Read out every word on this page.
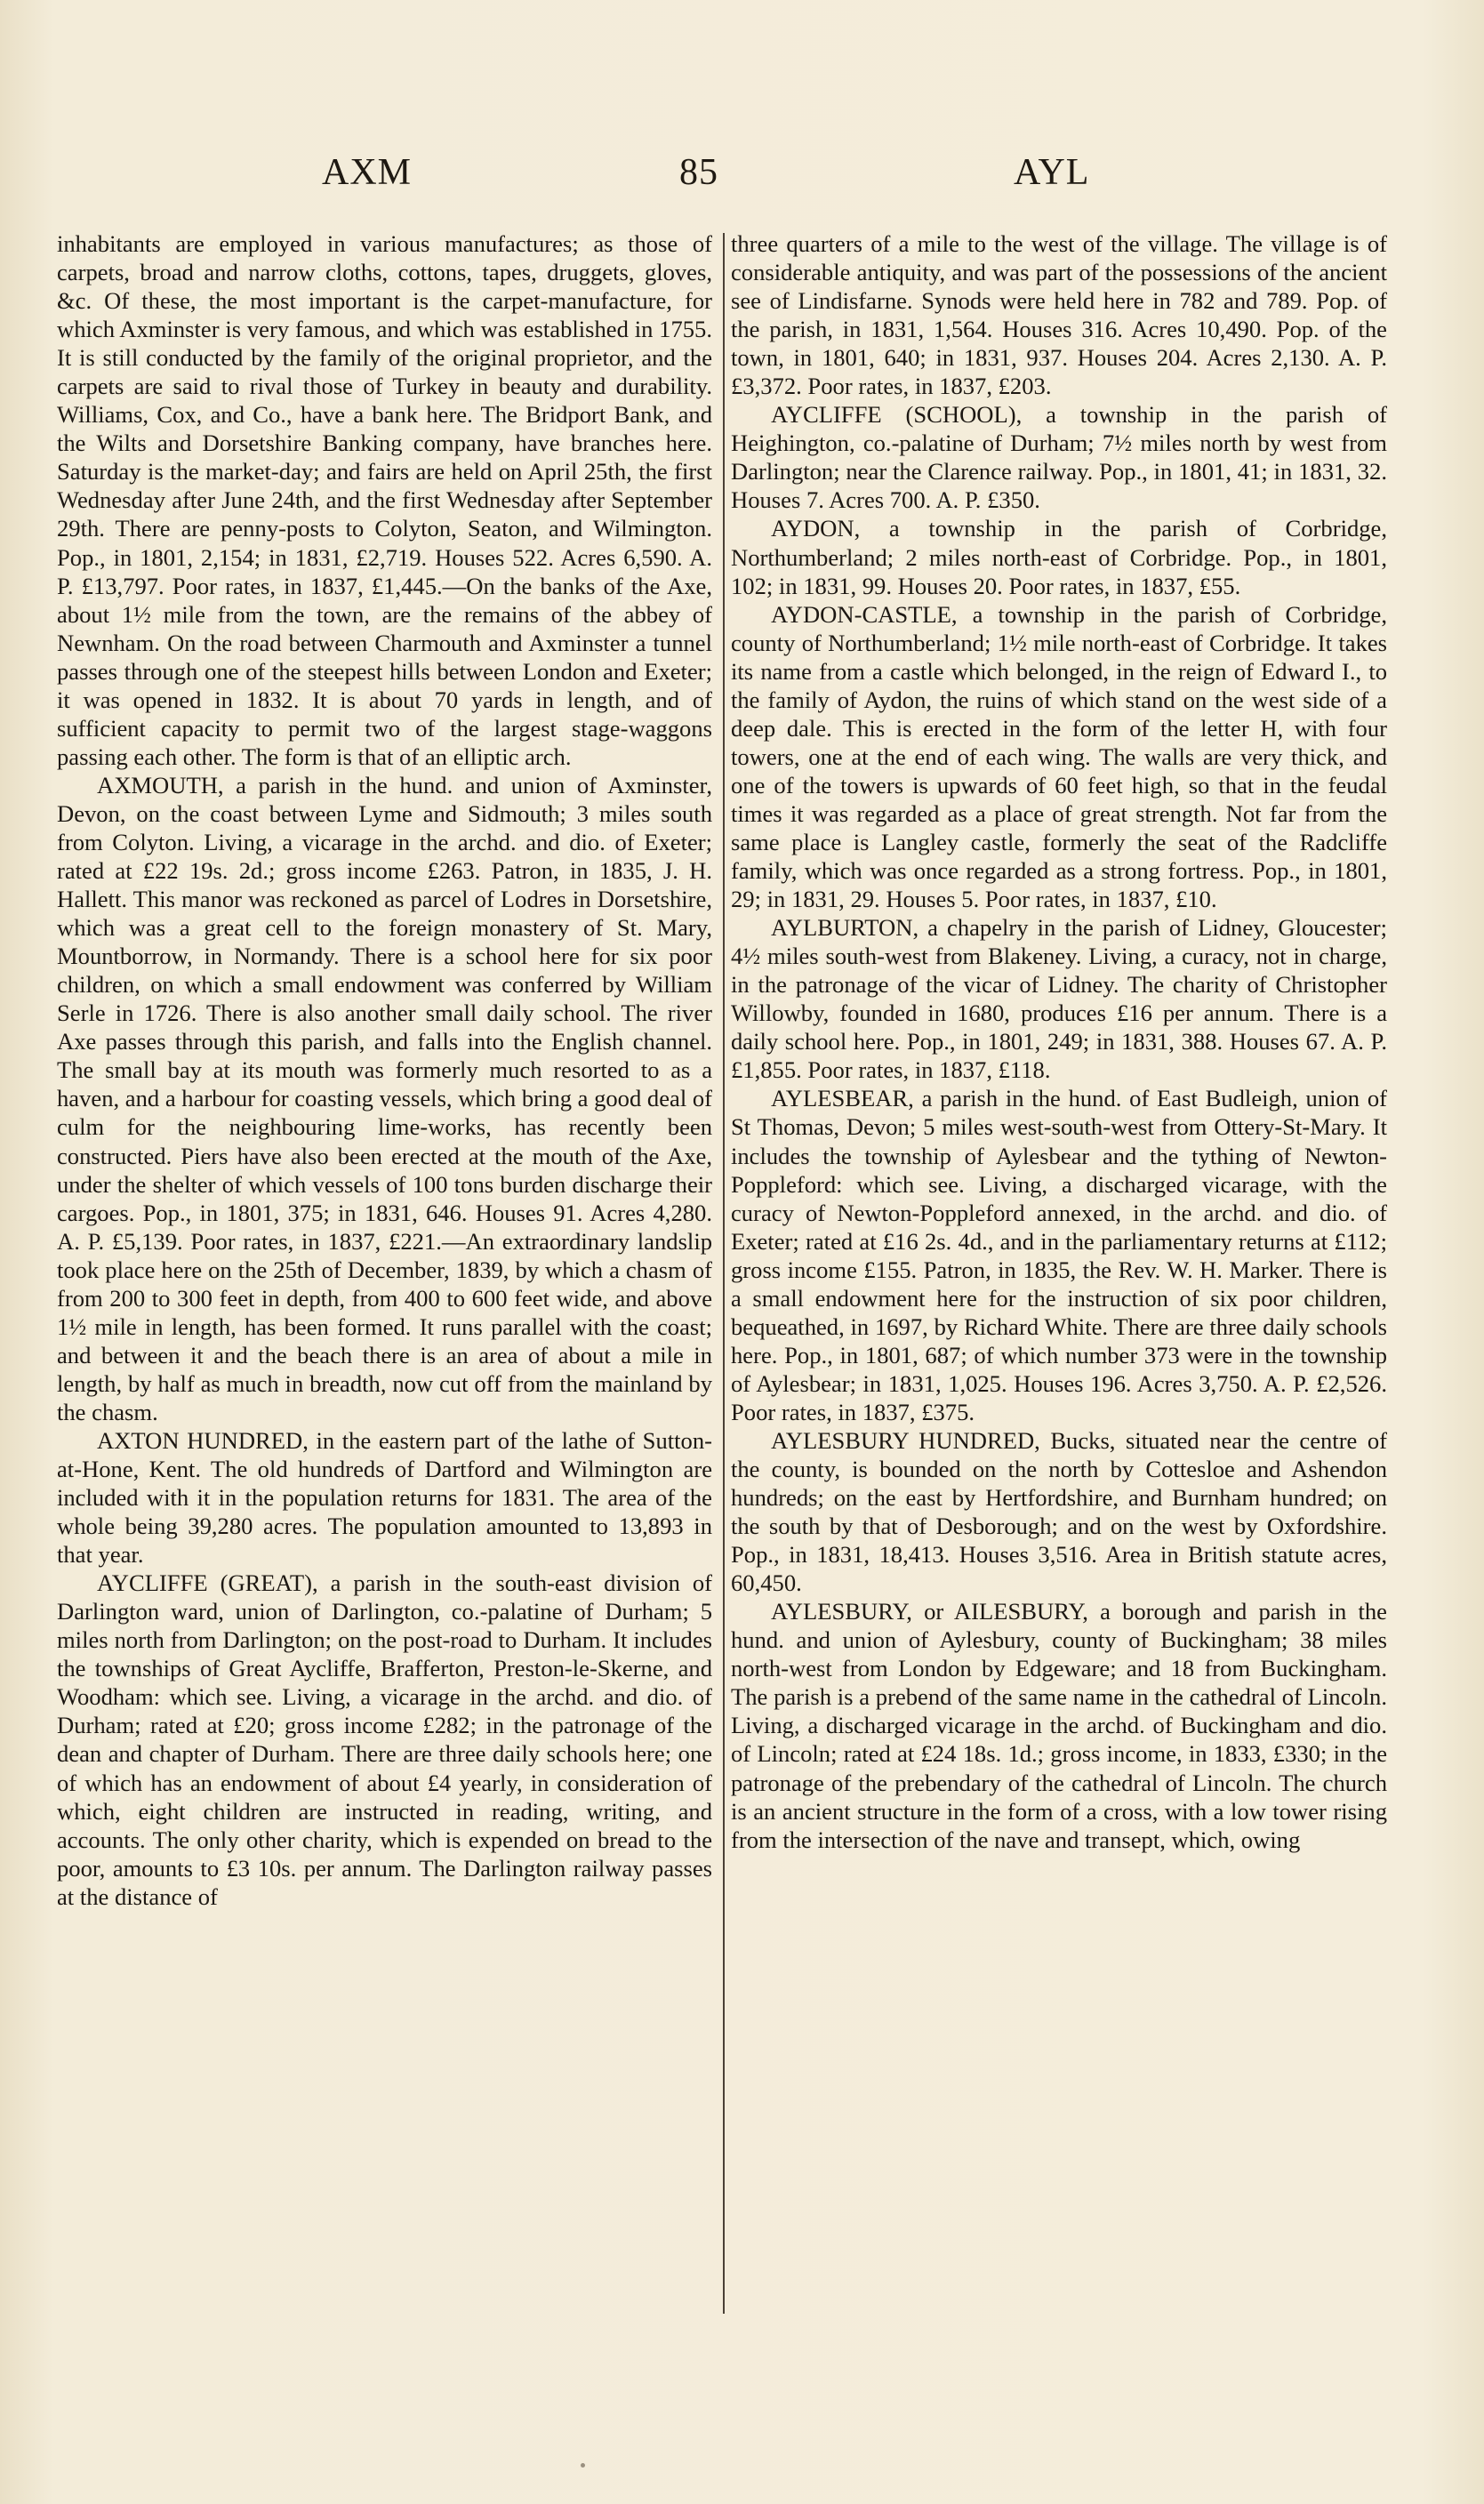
AXM	85	AYL

inhabitants are employed in various manufactures; as those of carpets, broad and narrow cloths, cottons, tapes, druggets, gloves, &c. Of these, the most important is the carpet-manufacture, for which Axminster is very famous, and which was established in 1755. It is still conducted by the family of the original proprietor, and the carpets are said to rival those of Turkey in beauty and durability. Williams, Cox, and Co., have a bank here. The Bridport Bank, and the Wilts and Dorsetshire Banking company, have branches here. Saturday is the market-day; and fairs are held on April 25th, the first Wednesday after June 24th, and the first Wednesday after September 29th. There are penny-posts to Colyton, Seaton, and Wilmington. Pop., in 1801, 2,154; in 1831, £2,719. Houses 522. Acres 6,590. A. P. £13,797. Poor rates, in 1837, £1,445.—On the banks of the Axe, about 1½ mile from the town, are the remains of the abbey of Newnham. On the road between Charmouth and Axminster a tunnel passes through one of the steepest hills between London and Exeter; it was opened in 1832. It is about 70 yards in length, and of sufficient capacity to permit two of the largest stage-waggons passing each other. The form is that of an elliptic arch.

AXMOUTH, a parish in the hund. and union of Axminster, Devon, on the coast between Lyme and Sidmouth; 3 miles south from Colyton. Living, a vicarage in the archd. and dio. of Exeter; rated at £22 19s. 2d.; gross income £263. Patron, in 1835, J. H. Hallett. This manor was reckoned as parcel of Lodres in Dorsetshire, which was a great cell to the foreign monastery of St. Mary, Mountborrow, in Normandy. There is a school here for six poor children, on which a small endowment was conferred by William Serle in 1726. There is also another small daily school. The river Axe passes through this parish, and falls into the English channel. The small bay at its mouth was formerly much resorted to as a haven, and a harbour for coasting vessels, which bring a good deal of culm for the neighbouring lime-works, has recently been constructed. Piers have also been erected at the mouth of the Axe, under the shelter of which vessels of 100 tons burden discharge their cargoes. Pop., in 1801, 375; in 1831, 646. Houses 91. Acres 4,280. A. P. £5,139. Poor rates, in 1837, £221.—An extraordinary landslip took place here on the 25th of December, 1839, by which a chasm of from 200 to 300 feet in depth, from 400 to 600 feet wide, and above 1½ mile in length, has been formed. It runs parallel with the coast; and between it and the beach there is an area of about a mile in length, by half as much in breadth, now cut off from the mainland by the chasm.

AXTON HUNDRED, in the eastern part of the lathe of Sutton-at-Hone, Kent. The old hundreds of Dartford and Wilmington are included with it in the population returns for 1831. The area of the whole being 39,280 acres. The population amounted to 13,893 in that year.

AYCLIFFE (GREAT), a parish in the south-east division of Darlington ward, union of Darlington, co.-palatine of Durham; 5 miles north from Darlington; on the post-road to Durham. It includes the townships of Great Aycliffe, Brafferton, Preston-le-Skerne, and Woodham: which see. Living, a vicarage in the archd. and dio. of Durham; rated at £20; gross income £282; in the patronage of the dean and chapter of Durham. There are three daily schools here; one of which has an endowment of about £4 yearly, in consideration of which, eight children are instructed in reading, writing, and accounts. The only other charity, which is expended on bread to the poor, amounts to £3 10s. per annum. The Darlington railway passes at the distance of

three quarters of a mile to the west of the village. The village is of considerable antiquity, and was part of the possessions of the ancient see of Lindisfarne. Synods were held here in 782 and 789. Pop. of the parish, in 1831, 1,564. Houses 316. Acres 10,490. Pop. of the town, in 1801, 640; in 1831, 937. Houses 204. Acres 2,130. A. P. £3,372. Poor rates, in 1837, £203.

AYCLIFFE (SCHOOL), a township in the parish of Heighington, co.-palatine of Durham; 7½ miles north by west from Darlington; near the Clarence railway. Pop., in 1801, 41; in 1831, 32. Houses 7. Acres 700. A. P. £350.

AYDON, a township in the parish of Corbridge, Northumberland; 2 miles north-east of Corbridge. Pop., in 1801, 102; in 1831, 99. Houses 20. Poor rates, in 1837, £55.

AYDON-CASTLE, a township in the parish of Corbridge, county of Northumberland; 1½ mile north-east of Corbridge. It takes its name from a castle which belonged, in the reign of Edward I., to the family of Aydon, the ruins of which stand on the west side of a deep dale. This is erected in the form of the letter H, with four towers, one at the end of each wing. The walls are very thick, and one of the towers is upwards of 60 feet high, so that in the feudal times it was regarded as a place of great strength. Not far from the same place is Langley castle, formerly the seat of the Radcliffe family, which was once regarded as a strong fortress. Pop., in 1801, 29; in 1831, 29. Houses 5. Poor rates, in 1837, £10.

AYLBURTON, a chapelry in the parish of Lidney, Gloucester; 4½ miles south-west from Blakeney. Living, a curacy, not in charge, in the patronage of the vicar of Lidney. The charity of Christopher Willowby, founded in 1680, produces £16 per annum. There is a daily school here. Pop., in 1801, 249; in 1831, 388. Houses 67. A. P. £1,855. Poor rates, in 1837, £118.

AYLESBEAR, a parish in the hund. of East Budleigh, union of St Thomas, Devon; 5 miles west-south-west from Ottery-St-Mary. It includes the township of Aylesbear and the tything of Newton-Poppleford: which see. Living, a discharged vicarage, with the curacy of Newton-Poppleford annexed, in the archd. and dio. of Exeter; rated at £16 2s. 4d., and in the parliamentary returns at £112; gross income £155. Patron, in 1835, the Rev. W. H. Marker. There is a small endowment here for the instruction of six poor children, bequeathed, in 1697, by Richard White. There are three daily schools here. Pop., in 1801, 687; of which number 373 were in the township of Aylesbear; in 1831, 1,025. Houses 196. Acres 3,750. A. P. £2,526. Poor rates, in 1837, £375.

AYLESBURY HUNDRED, Bucks, situated near the centre of the county, is bounded on the north by Cottesloe and Ashendon hundreds; on the east by Hertfordshire, and Burnham hundred; on the south by that of Desborough; and on the west by Oxfordshire. Pop., in 1831, 18,413. Houses 3,516. Area in British statute acres, 60,450.

AYLESBURY, or AILESBURY, a borough and parish in the hund. and union of Aylesbury, county of Buckingham; 38 miles north-west from London by Edgeware; and 18 from Buckingham. The parish is a prebend of the same name in the cathedral of Lincoln. Living, a discharged vicarage in the archd. of Buckingham and dio. of Lincoln; rated at £24 18s. 1d.; gross income, in 1833, £330; in the patronage of the prebendary of the cathedral of Lincoln. The church is an ancient structure in the form of a cross, with a low tower rising from the intersection of the nave and transept, which, owing
